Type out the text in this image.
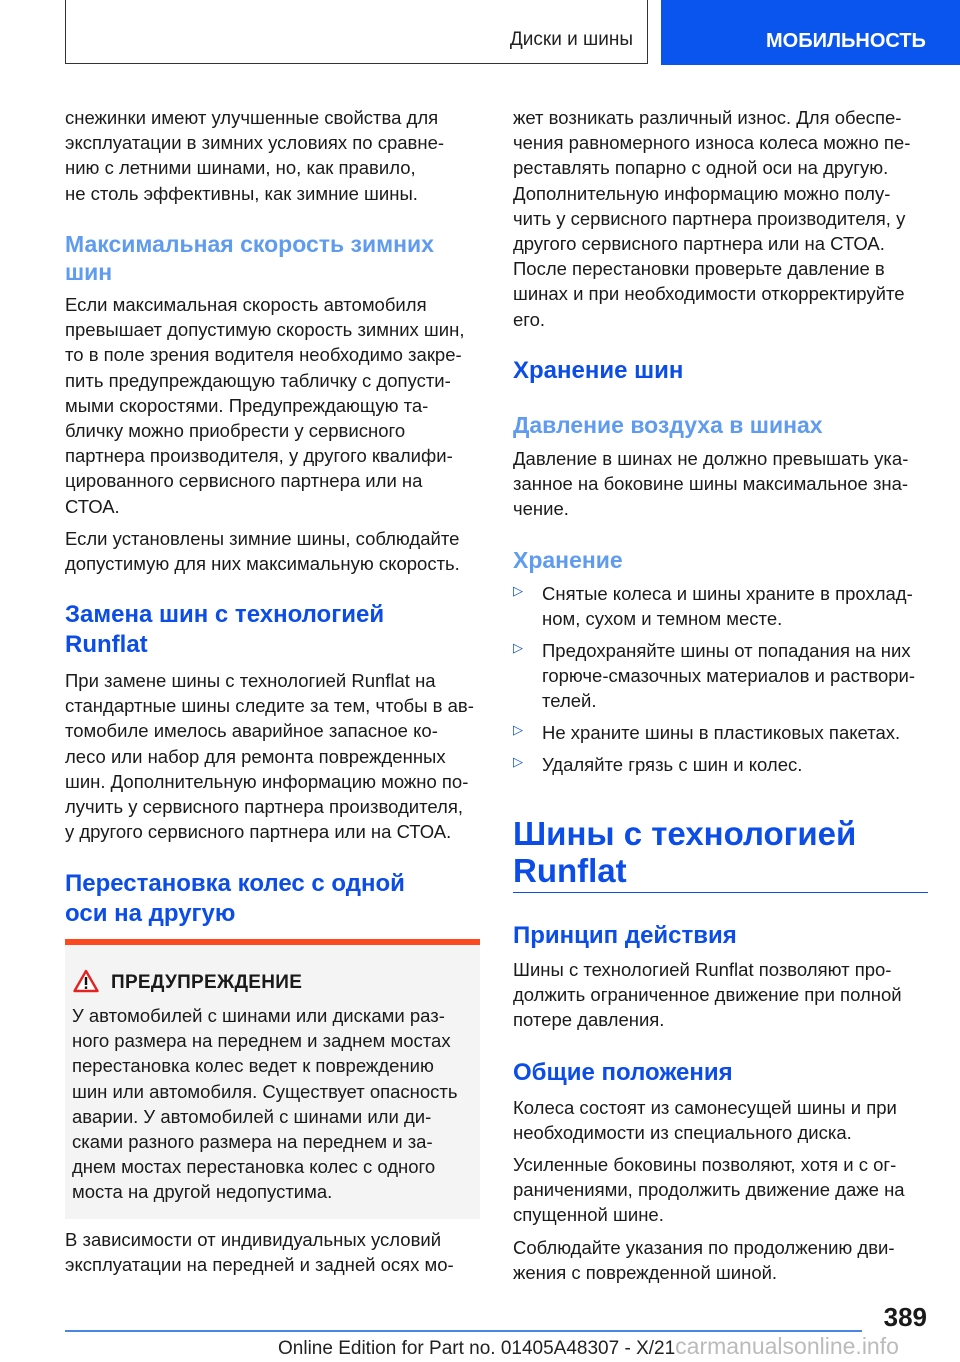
Диски и шины	МОБИЛЬНОСТЬ
снежинки имеют улучшенные свойства для
эксплуатации в зимних условиях по сравне-
нию с летними шинами, но, как правило,
не столь эффективны, как зимние шины.
Максимальная скорость зимних
шин
Если максимальная скорость автомобиля
превышает допустимую скорость зимних шин,
то в поле зрения водителя необходимо закре-
пить предупреждающую табличку с допусти-
мыми скоростями. Предупреждающую та-
бличку можно приобрести у сервисного
партнера производителя, у другого квалифи-
цированного сервисного партнера или на
СТОА.
Если установлены зимние шины, соблюдайте
допустимую для них максимальную скорость.
Замена шин с технологией
Runflat
При замене шины с технологией Runflat на
стандартные шины следите за тем, чтобы в ав-
томобиле имелось аварийное запасное ко-
лесо или набор для ремонта поврежденных
шин. Дополнительную информацию можно по-
лучить у сервисного партнера производителя,
у другого сервисного партнера или на СТОА.
Перестановка колес с одной
оси на другую
ПРЕДУПРЕЖДЕНИЕ
У автомобилей с шинами или дисками раз-
ного размера на переднем и заднем мостах
перестановка колес ведет к повреждению
шин или автомобиля. Существует опасность
аварии. У автомобилей с шинами или ди-
сками разного размера на переднем и за-
днем мостах перестановка колес с одного
моста на другой недопустима.
В зависимости от индивидуальных условий
эксплуатации на передней и задней осях мо-
жет возникать различный износ. Для обеспе-
чения равномерного износа колеса можно пе-
реставлять попарно с одной оси на другую.
Дополнительную информацию можно полу-
чить у сервисного партнера производителя, у
другого сервисного партнера или на СТОА.
После перестановки проверьте давление в
шинах и при необходимости откорректируйте
его.
Хранение шин
Давление воздуха в шинах
Давление в шинах не должно превышать ука-
занное на боковине шины максимальное зна-
чение.
Хранение
▷ Снятые колеса и шины храните в прохлад-
ном, сухом и темном месте.
▷ Предохраняйте шины от попадания на них
горюче-смазочных материалов и раствори-
телей.
▷ Не храните шины в пластиковых пакетах.
▷ Удаляйте грязь с шин и колес.
Шины с технологией
Runflat
Принцип действия
Шины с технологией Runflat позволяют про-
должить ограниченное движение при полной
потере давления.
Общие положения
Колеса состоят из самонесущей шины и при
необходимости из специального диска.
Усиленные боковины позволяют, хотя и с ог-
раничениями, продолжить движение даже на
спущенной шине.
Соблюдайте указания по продолжению дви-
жения с поврежденной шиной.
389
Online Edition for Part no. 01405A48307 - X/21carmanualsonline.info
